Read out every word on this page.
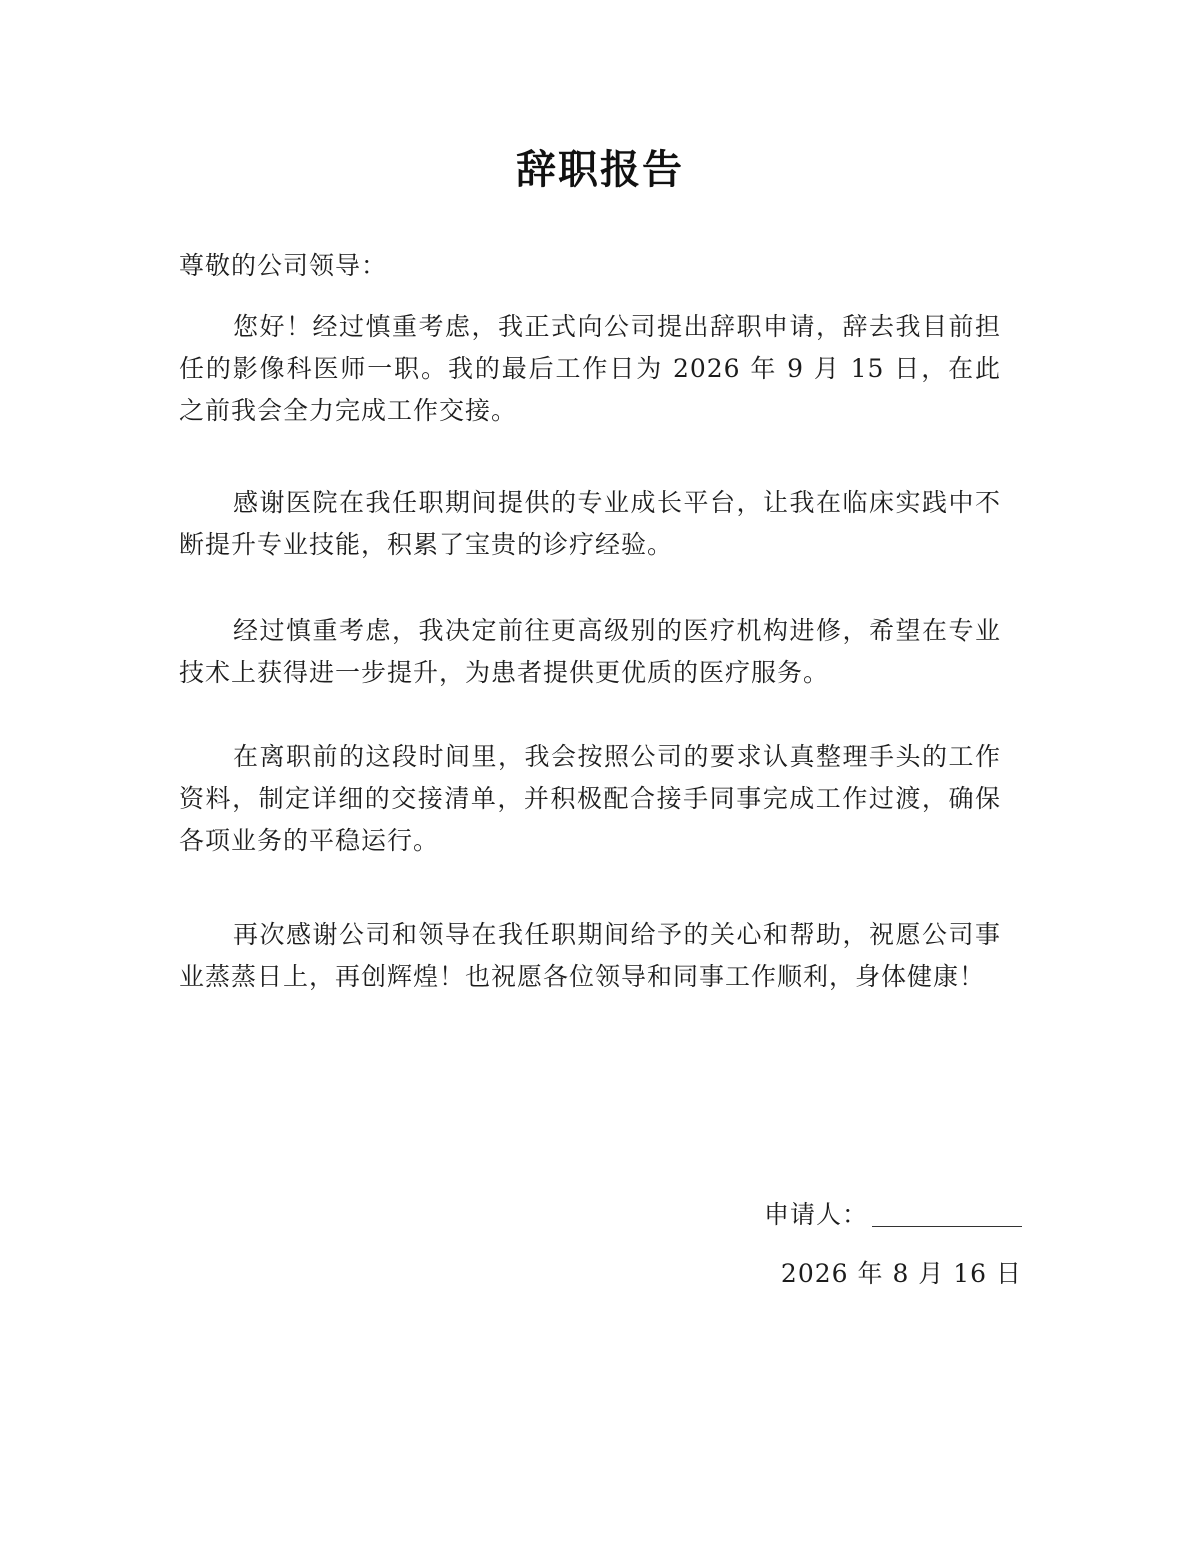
辞职报告
尊敬的公司领导：
您好！经过慎重考虑，我正式向公司提出辞职申请，辞去我目前担任的影像科医师一职。我的最后工作日为 2026 年 9 月 15 日，在此之前我会全力完成工作交接。
感谢医院在我任职期间提供的专业成长平台，让我在临床实践中不断提升专业技能，积累了宝贵的诊疗经验。
经过慎重考虑，我决定前往更高级别的医疗机构进修，希望在专业技术上获得进一步提升，为患者提供更优质的医疗服务。
在离职前的这段时间里，我会按照公司的要求认真整理手头的工作资料，制定详细的交接清单，并积极配合接手同事完成工作过渡，确保各项业务的平稳运行。
再次感谢公司和领导在我任职期间给予的关心和帮助，祝愿公司事业蒸蒸日上，再创辉煌！也祝愿各位领导和同事工作顺利，身体健康！
申请人：
2026 年 8 月 16 日
